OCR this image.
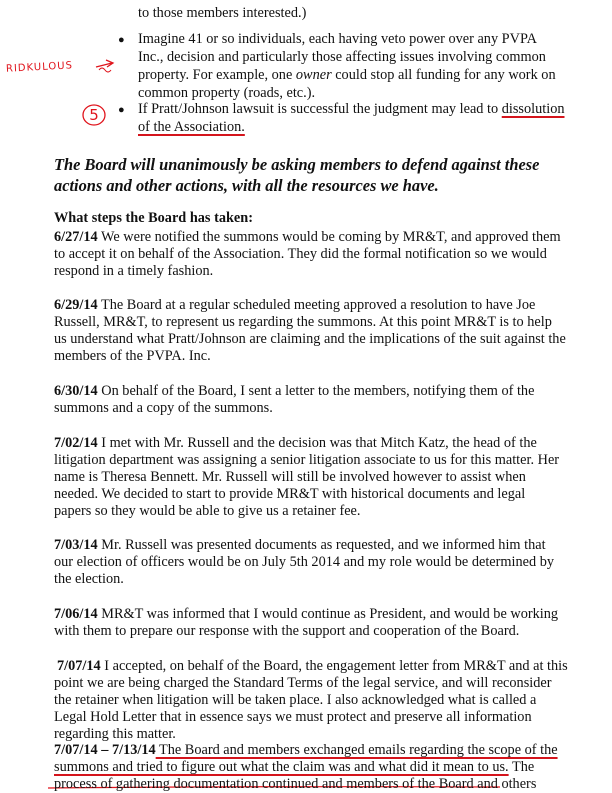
to those members interested.)
● Imagine 41 or so individuals, each having veto power over any PVPA
Inc., decision and particularly those affecting issues involving common
property. For example, one owner could stop all funding for any work on
common property (roads, etc.).
● If Pratt/Johnson lawsuit is successful the judgment may lead to dissolution
of the Association.
RIDKULOUS
5
The Board will unanimously be asking members to defend against these
actions and other actions, with all the resources we have.
What steps the Board has taken:
6/27/14 We were notified the summons would be coming by MR&T, and approved them
to accept it on behalf of the Association. They did the formal notification so we would
respond in a timely fashion.
6/29/14 The Board at a regular scheduled meeting approved a resolution to have Joe
Russell, MR&T, to represent us regarding the summons. At this point MR&T is to help
us understand what Pratt/Johnson are claiming and the implications of the suit against the
members of the PVPA. Inc.
6/30/14 On behalf of the Board, I sent a letter to the members, notifying them of the
summons and a copy of the summons.
7/02/14 I met with Mr. Russell and the decision was that Mitch Katz, the head of the
litigation department was assigning a senior litigation associate to us for this matter. Her
name is Theresa Bennett. Mr. Russell will still be involved however to assist when
needed. We decided to start to provide MR&T with historical documents and legal
papers so they would be able to give us a retainer fee.
7/03/14 Mr. Russell was presented documents as requested, and we informed him that
our election of officers would be on July 5th 2014 and my role would be determined by
the election.
7/06/14 MR&T was informed that I would continue as President, and would be working
with them to prepare our response with the support and cooperation of the Board.
7/07/14 I accepted, on behalf of the Board, the engagement letter from MR&T and at this
point we are being charged the Standard Terms of the legal service, and will reconsider
the retainer when litigation will be taken place. I also acknowledged what is called a
Legal Hold Letter that in essence says we must protect and preserve all information
regarding this matter.
7/07/14 – 7/13/14 The Board and members exchanged emails regarding the scope of the
summons and tried to figure out what the claim was and what did it mean to us. The
process of gathering documentation continued and members of the Board and others
